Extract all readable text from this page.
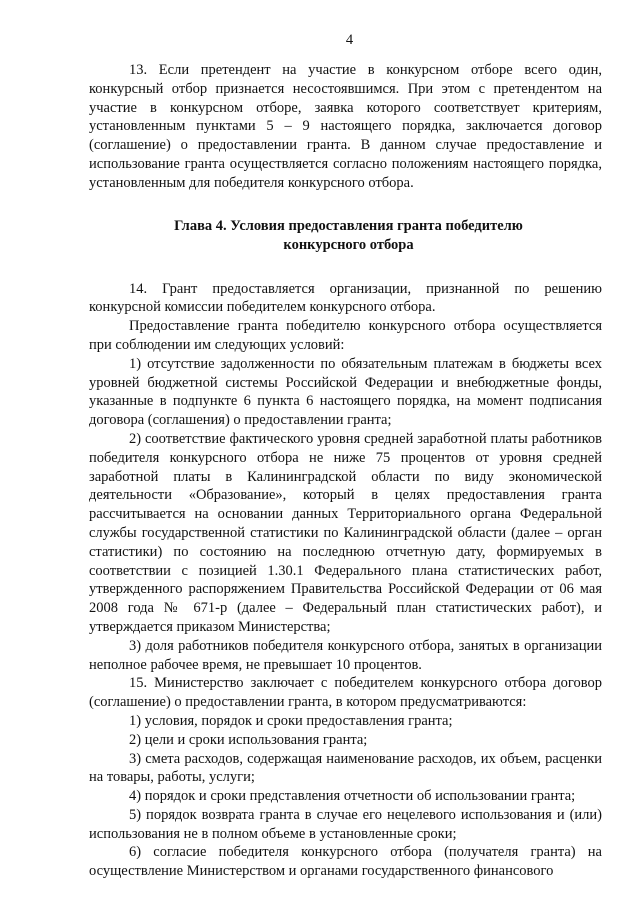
4

13. Если претендент на участие в конкурсном отборе всего один, конкурсный отбор признается несостоявшимся. При этом с претендентом на участие в конкурсном отборе, заявка которого соответствует критериям, установленным пунктами 5 – 9 настоящего порядка, заключается договор (соглашение) о предоставлении гранта. В данном случае предоставление и использование гранта осуществляется согласно положениям настоящего порядка, установленным для победителя конкурсного отбора.

Глава 4. Условия предоставления гранта победителю
конкурсного отбора

14. Грант предоставляется организации, признанной по решению конкурсной комиссии победителем конкурсного отбора.

Предоставление гранта победителю конкурсного отбора осуществляется при соблюдении им следующих условий:

1) отсутствие задолженности по обязательным платежам в бюджеты всех уровней бюджетной системы Российской Федерации и внебюджетные фонды, указанные в подпункте 6 пункта 6 настоящего порядка, на момент подписания договора (соглашения) о предоставлении гранта;

2) соответствие фактического уровня средней заработной платы работников победителя конкурсного отбора не ниже 75 процентов от уровня средней заработной платы в Калининградской области по виду экономической деятельности «Образование», который в целях предоставления гранта рассчитывается на основании данных Территориального органа Федеральной службы государственной статистики по Калининградской области (далее – орган статистики) по состоянию на последнюю отчетную дату, формируемых в соответствии с позицией 1.30.1 Федерального плана статистических работ, утвержденного распоряжением Правительства Российской Федерации от 06 мая 2008 года № 671-р (далее – Федеральный план статистических работ), и утверждается приказом Министерства;

3) доля работников победителя конкурсного отбора, занятых в организации неполное рабочее время, не превышает 10 процентов.

15. Министерство заключает с победителем конкурсного отбора договор (соглашение) о предоставлении гранта, в котором предусматриваются:

1) условия, порядок и сроки предоставления гранта;

2) цели и сроки использования гранта;

3) смета расходов, содержащая наименование расходов, их объем, расценки на товары, работы, услуги;

4) порядок и сроки представления отчетности об использовании гранта;

5) порядок возврата гранта в случае его нецелевого использования и (или) использования не в полном объеме в установленные сроки;

6) согласие победителя конкурсного отбора (получателя гранта) на осуществление Министерством и органами государственного финансового
